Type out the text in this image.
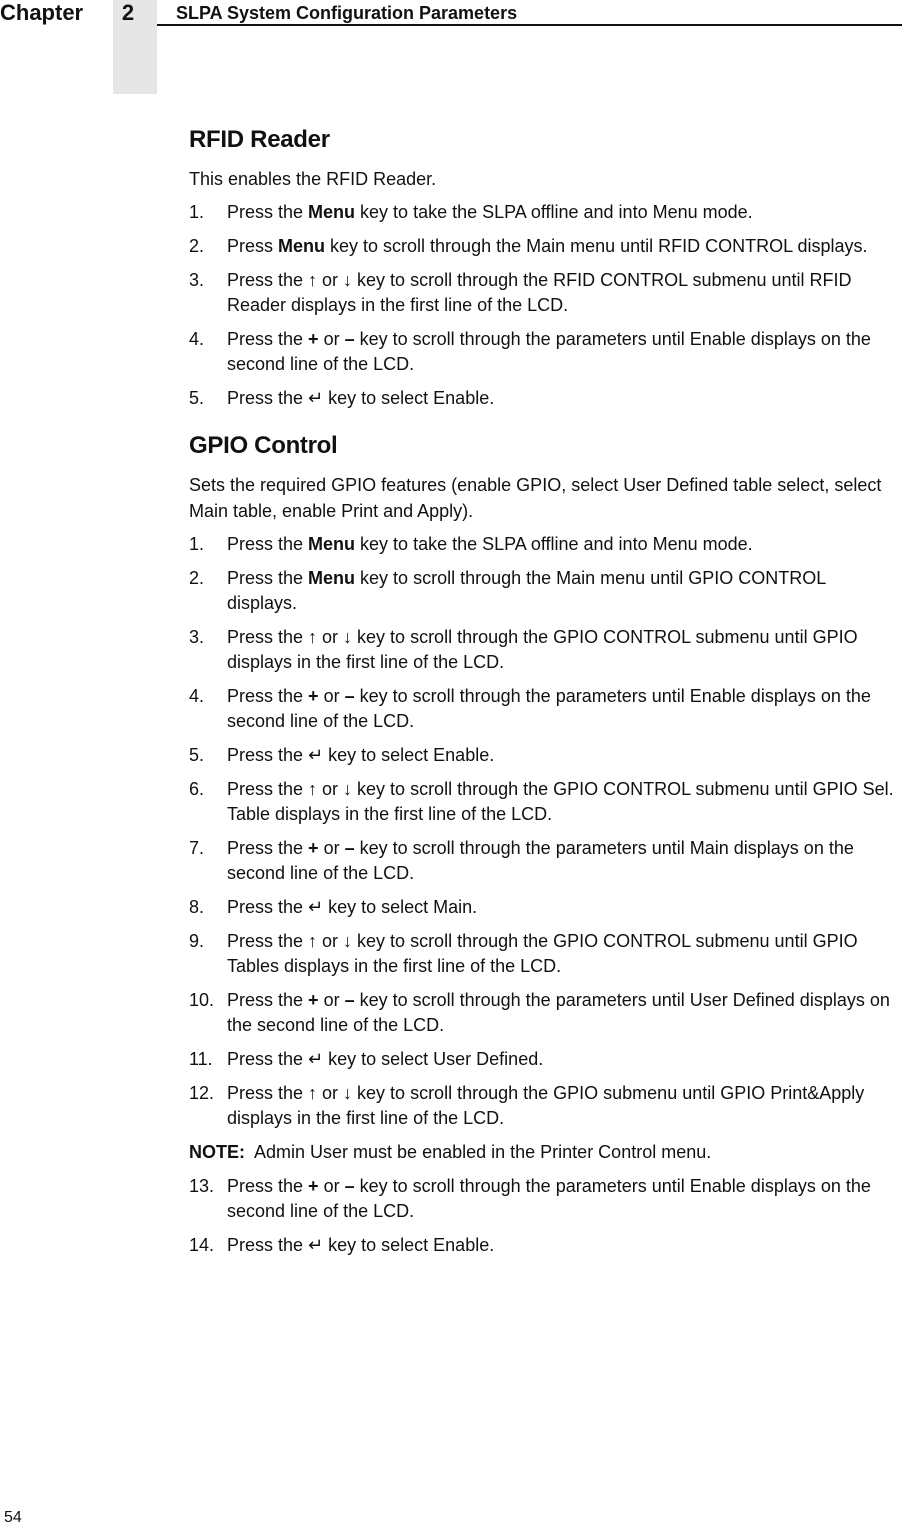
Chapter	2	SLPA System Configuration Parameters
RFID Reader

This enables the RFID Reader.

1. Press the Menu key to take the SLPA offline and into Menu mode.
2. Press Menu key to scroll through the Main menu until RFID CONTROL displays.
3. Press the ↑ or ↓ key to scroll through the RFID CONTROL submenu until RFID Reader displays in the first line of the LCD.
4. Press the + or – key to scroll through the parameters until Enable displays on the second line of the LCD.
5. Press the ↵ key to select Enable.
GPIO Control

Sets the required GPIO features (enable GPIO, select User Defined table select, select Main table, enable Print and Apply).

1. Press the Menu key to take the SLPA offline and into Menu mode.
2. Press the Menu key to scroll through the Main menu until GPIO CONTROL displays.
3. Press the ↑ or ↓ key to scroll through the GPIO CONTROL submenu until GPIO displays in the first line of the LCD.
4. Press the + or – key to scroll through the parameters until Enable displays on the second line of the LCD.
5. Press the ↵ key to select Enable.
6. Press the ↑ or ↓ key to scroll through the GPIO CONTROL submenu until GPIO Sel. Table displays in the first line of the LCD.
7. Press the + or – key to scroll through the parameters until Main displays on the second line of the LCD.
8. Press the ↵ key to select Main.
9. Press the ↑ or ↓ key to scroll through the GPIO CONTROL submenu until GPIO Tables displays in the first line of the LCD.
10. Press the + or – key to scroll through the parameters until User Defined displays on the second line of the LCD.
11. Press the ↵ key to select User Defined.
12. Press the ↑ or ↓ key to scroll through the GPIO submenu until GPIO Print&Apply displays in the first line of the LCD.
NOTE: Admin User must be enabled in the Printer Control menu.
13. Press the + or – key to scroll through the parameters until Enable displays on the second line of the LCD.
14. Press the ↵ key to select Enable.
54
